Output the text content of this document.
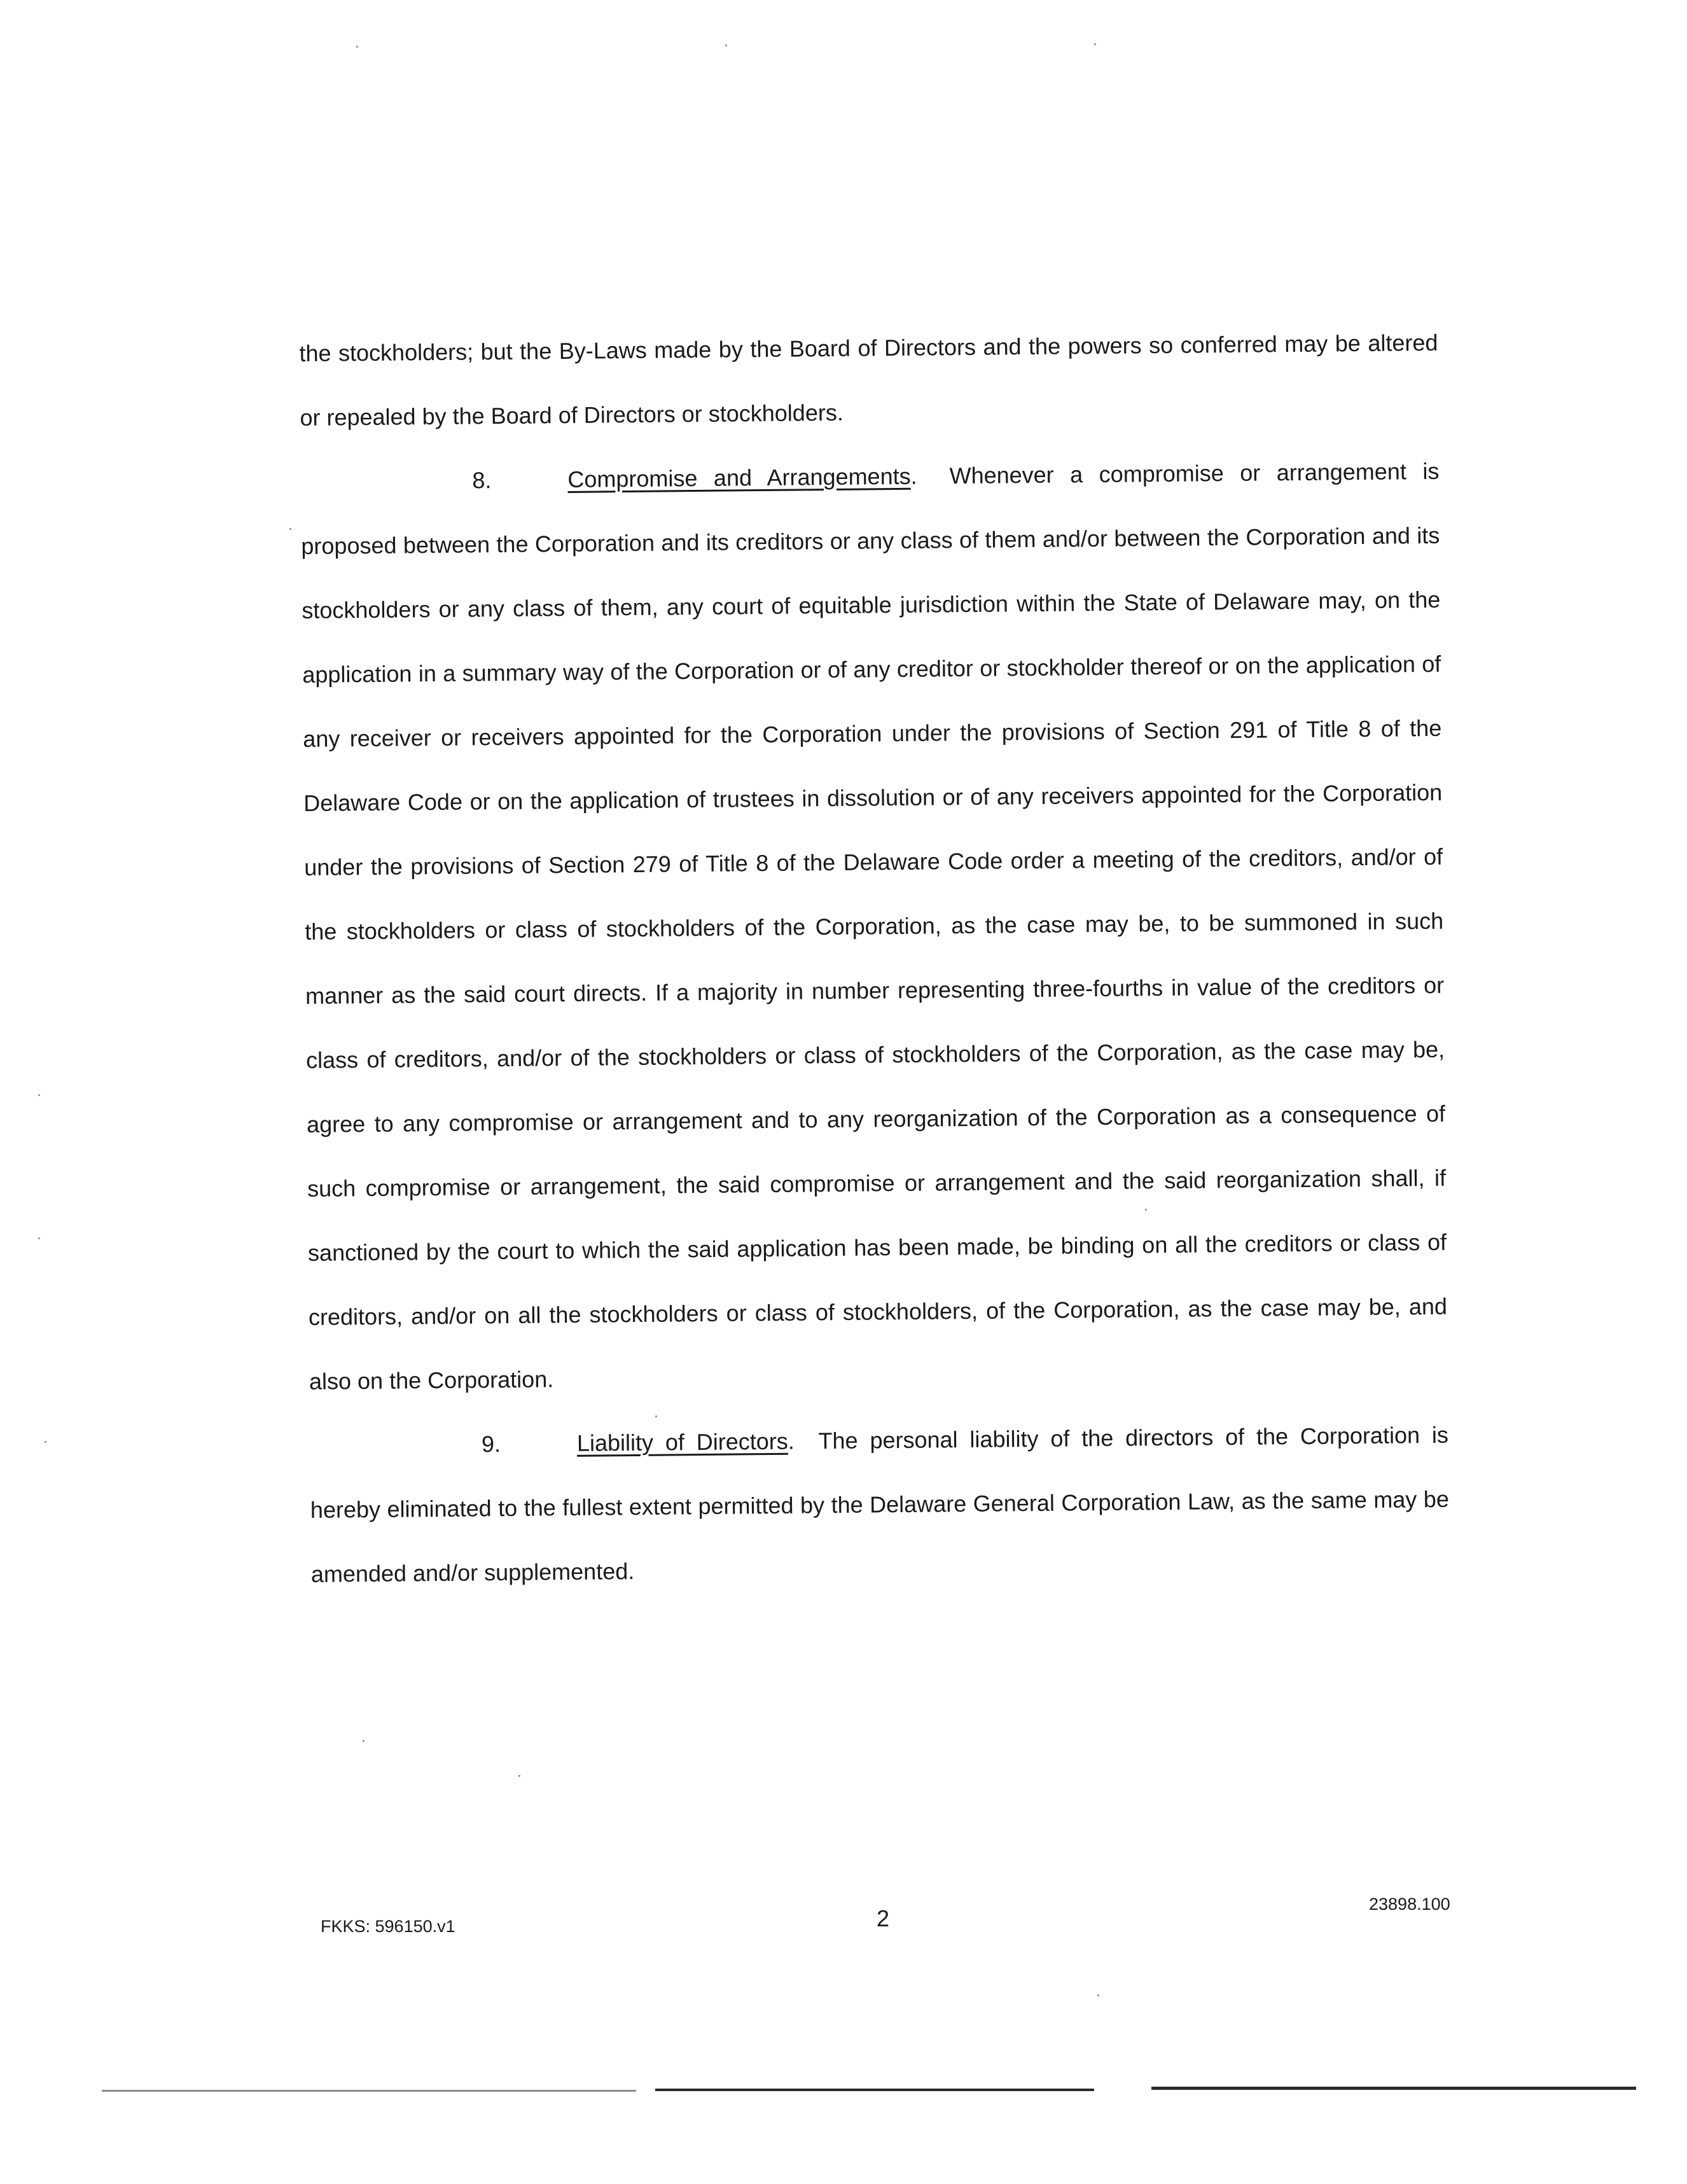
the stockholders; but the By-Laws made by the Board of Directors and the powers so conferred may be altered or repealed by the Board of Directors or stockholders.

8.	Compromise and Arrangements.  Whenever a compromise or arrangement is proposed between the Corporation and its creditors or any class of them and/or between the Corporation and its stockholders or any class of them, any court of equitable jurisdiction within the State of Delaware may, on the application in a summary way of the Corporation or of any creditor or stockholder thereof or on the application of any receiver or receivers appointed for the Corporation under the provisions of Section 291 of Title 8 of the Delaware Code or on the application of trustees in dissolution or of any receivers appointed for the Corporation under the provisions of Section 279 of Title 8 of the Delaware Code order a meeting of the creditors, and/or of the stockholders or class of stockholders of the Corporation, as the case may be, to be summoned in such manner as the said court directs. If a majority in number representing three-fourths in value of the creditors or class of creditors, and/or of the stockholders or class of stockholders of the Corporation, as the case may be, agree to any compromise or arrangement and to any reorganization of the Corporation as a consequence of such compromise or arrangement, the said compromise or arrangement and the said reorganization shall, if sanctioned by the court to which the said application has been made, be binding on all the creditors or class of creditors, and/or on all the stockholders or class of stockholders, of the Corporation, as the case may be, and also on the Corporation.

9.	Liability of Directors.  The personal liability of the directors of the Corporation is hereby eliminated to the fullest extent permitted by the Delaware General Corporation Law, as the same may be amended and/or supplemented.

FKKS: 596150.v1	2
23898.100
